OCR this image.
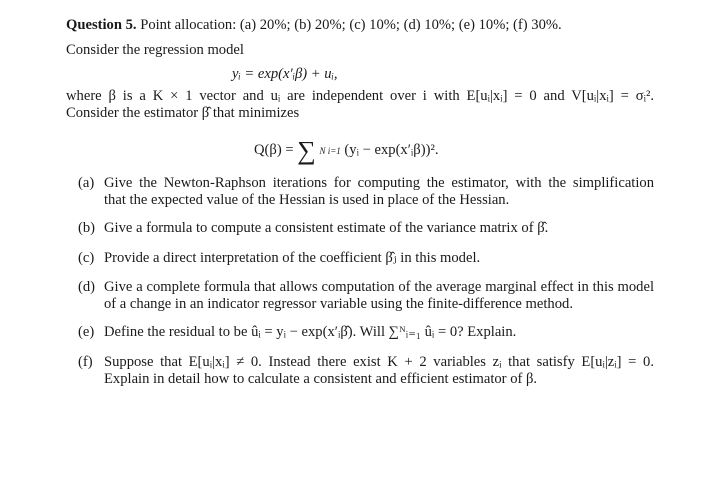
Question 5. Point allocation: (a) 20%; (b) 20%; (c) 10%; (d) 10%; (e) 10%; (f) 30%.
Consider the regression model
yᵢ = exp(x′ᵢβ) + uᵢ,
where β is a K × 1 vector and uᵢ are independent over i with E[uᵢ|xᵢ] = 0 and V[uᵢ|xᵢ] = σᵢ².
Consider the estimator β̂ that minimizes
Q(β) = ∑ N i=1 (yᵢ − exp(x′ᵢβ))².
(a) Give the Newton-Raphson iterations for computing the estimator, with the simplification
that the expected value of the Hessian is used in place of the Hessian.
(b) Give a formula to compute a consistent estimate of the variance matrix of β̂.
(c) Provide a direct interpretation of the coefficient β̂ⱼ in this model.
(d) Give a complete formula that allows computation of the average marginal effect in this model
of a change in an indicator regressor variable using the finite-difference method.
(e) Define the residual to be ûᵢ = yᵢ − exp(x′ᵢβ̂). Will ∑ᴺᵢ₌₁ ûᵢ = 0? Explain.
(f) Suppose that E[uᵢ|xᵢ] ≠ 0. Instead there exist K + 2 variables zᵢ that satisfy E[uᵢ|zᵢ] = 0.
Explain in detail how to calculate a consistent and efficient estimator of β.
